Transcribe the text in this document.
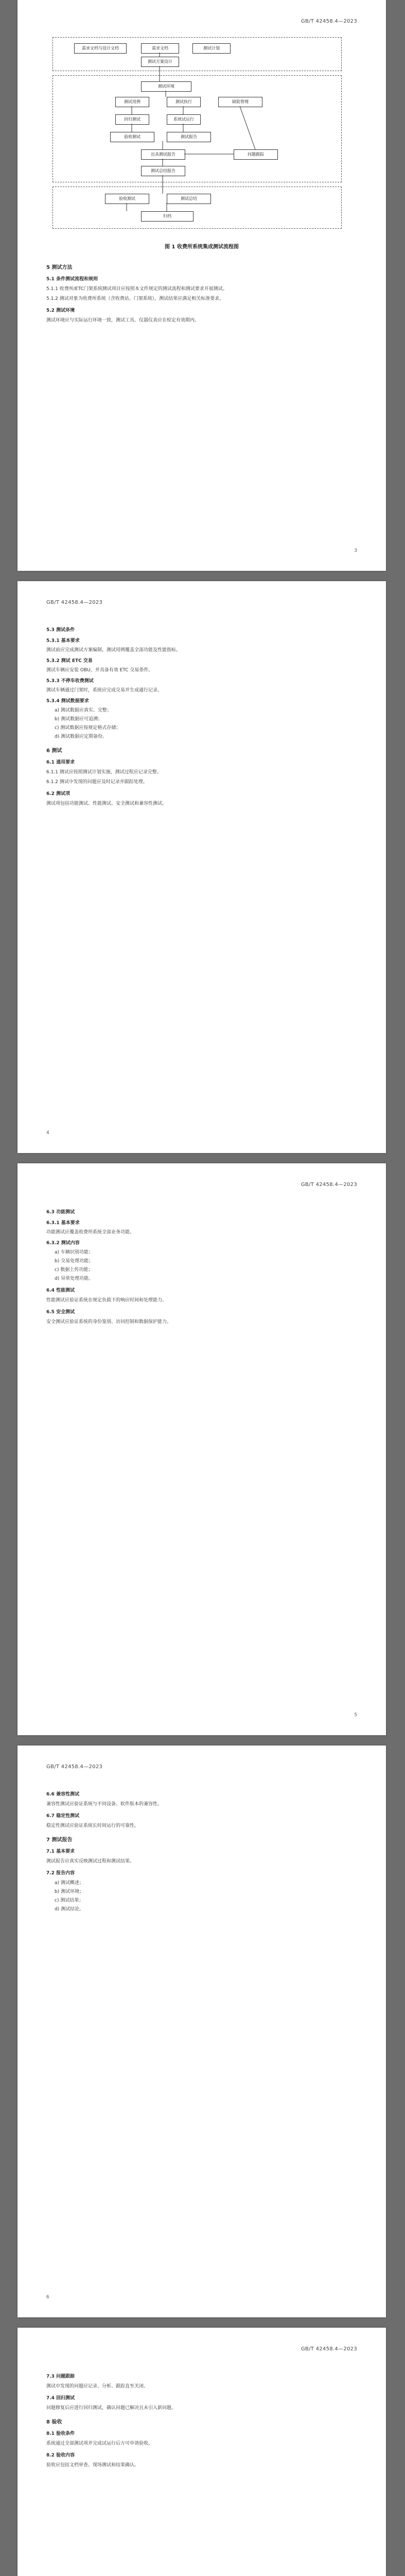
GB/T 42458.4—2023
需求文档与设计文档	需求文档	测试计划
测试方案设计
测试环境
测试用例	测试执行	缺陷管理
回归测试	系统试运行
验收测试	测试报告
出具测试报告	问题跟踪
测试总结报告
验收测试	测试总结
归档
图 1 收费所系统集成测试流程图
5 测试方法
5.1 条件测试流程和规则
5.1.1 收费所/ETC门架系统测试项目应按照本文件规定的测试流程和测试要求开展测试。
5.1.2 测试对象为收费所系统（含收费站、门架系统），测试结果应满足相关标准要求。
5.2 测试环境
测试环境应与实际运行环境一致，测试工具、仪器仪表应在检定有效期内。
3
GB/T 42458.4—2023
5.3 测试条件
5.3.1 基本要求
测试前应完成测试方案编制，测试用例覆盖全部功能及性能指标。
5.3.2 测试 ETC 交易
测试车辆应安装 OBU，并具备有效 ETC 交易条件。
5.3.3 不停车收费测试
测试车辆通过门架时，系统应完成交易并生成通行记录。
5.3.4 测试数据要求
a) 测试数据应真实、完整；
b) 测试数据应可追溯；
c) 测试数据应按规定格式存储；
d) 测试数据应定期备份。
6 测试
6.1 通用要求
6.1.1 测试应按照测试计划实施，测试过程应记录完整。
6.1.2 测试中发现的问题应及时记录并跟踪处理。
6.2 测试项
测试项包括功能测试、性能测试、安全测试和兼容性测试。
4
GB/T 42458.4—2023
6.3 功能测试
6.3.1 基本要求
功能测试应覆盖收费所系统全部业务功能。
6.3.2 测试内容
a) 车辆识别功能；
b) 交易处理功能；
c) 数据上传功能；
d) 异常处理功能。
6.4 性能测试
性能测试应验证系统在规定负载下的响应时间和处理能力。
6.5 安全测试
安全测试应验证系统的身份鉴别、访问控制和数据保护能力。
5
GB/T 42458.4—2023
6.6 兼容性测试
兼容性测试应验证系统与不同设备、软件版本的兼容性。
6.7 稳定性测试
稳定性测试应验证系统长时间运行的可靠性。
7 测试报告
7.1 基本要求
测试报告应真实反映测试过程和测试结果。
7.2 报告内容
a) 测试概述；
b) 测试环境；
c) 测试结果；
d) 测试结论。
6
GB/T 42458.4—2023
7.3 问题跟踪
测试中发现的问题应记录、分析、跟踪直至关闭。
7.4 回归测试
问题修复后应进行回归测试，确认问题已解决且未引入新问题。
8 验收
8.1 验收条件
系统通过全部测试项并完成试运行后方可申请验收。
8.2 验收内容
验收应包括文档审查、现场测试和结果确认。
